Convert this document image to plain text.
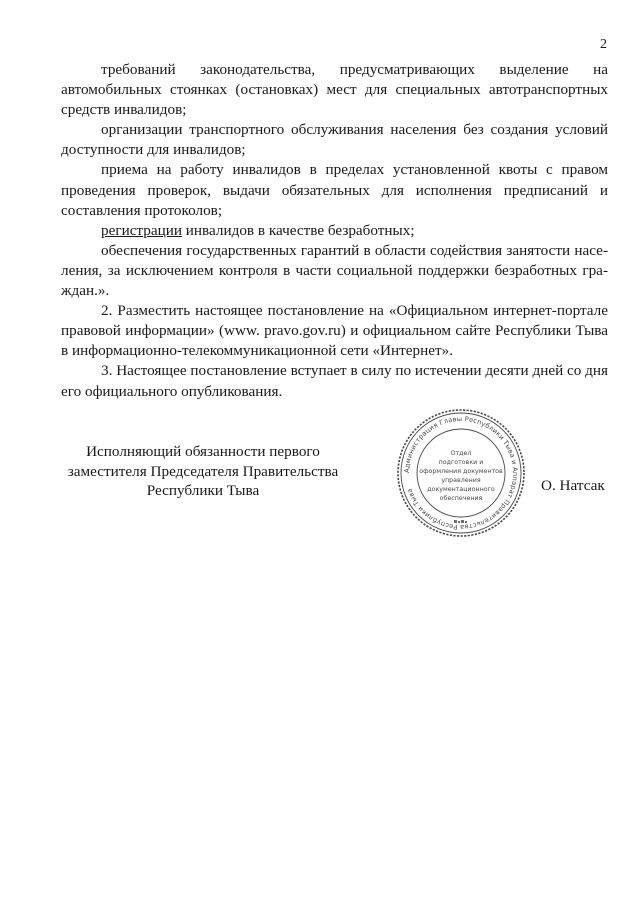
2

требований законодательства, предусматривающих выделение на автомобильных стоянках (остановках) мест для специальных автотранспортных средств инвалидов;

организации транспортного обслуживания населения без создания условий доступности для инвалидов;

приема на работу инвалидов в пределах установленной квоты с правом проведения проверок, выдачи обязательных для исполнения предписаний и составления протоколов;

регистрации инвалидов в качестве безработных;

обеспечения государственных гарантий в области содействия занятости населения, за исключением контроля в части социальной поддержки безработных граждан.».

2. Разместить настоящее постановление на «Официальном интернет-портале правовой информации» (www. pravo.gov.ru) и официальном сайте Республики Тыва в информационно-телекоммуникационной сети «Интернет».

3. Настоящее постановление вступает в силу по истечении десяти дней со дня его официального опубликования.

Исполняющий обязанности первого
заместителя Председателя Правительства
Республики Тыва
Администрация Главы Республики Тыва и Аппарат Правительства Республики Тыва
Отдел
подготовки и
оформления документов
управления
документационного
обеспечения
О. Натсак
